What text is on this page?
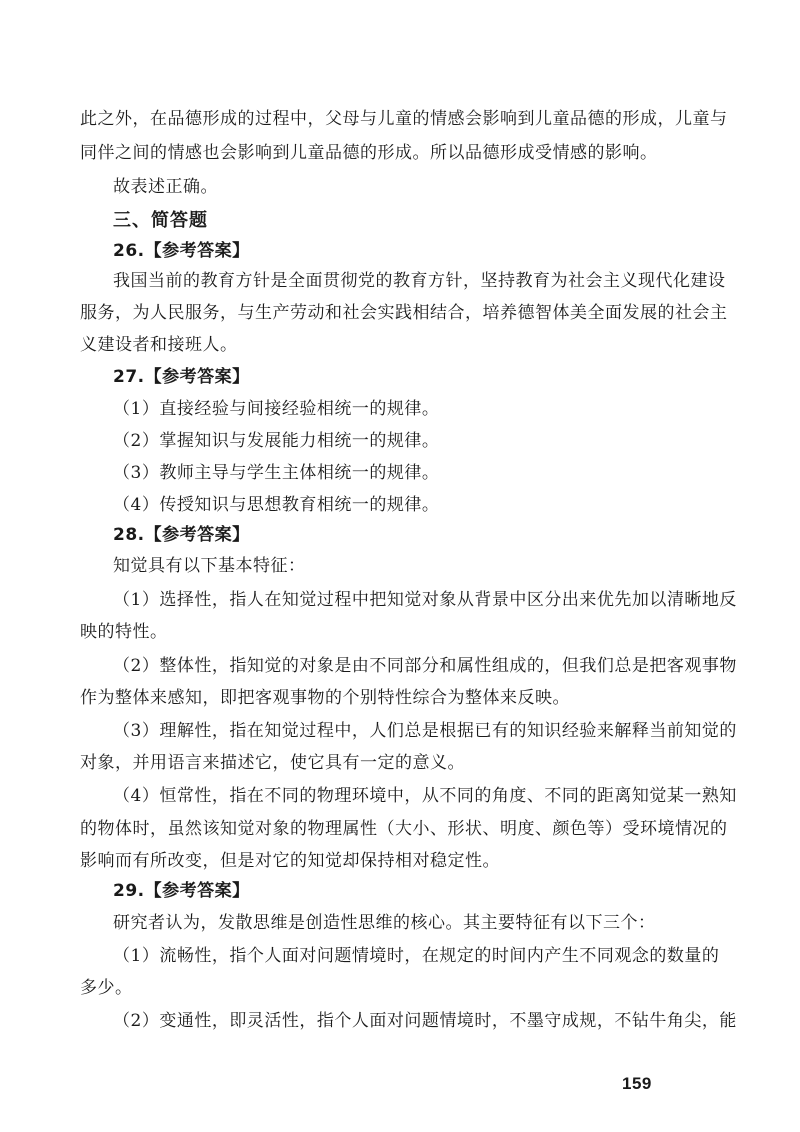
此之外，在品德形成的过程中，父母与儿童的情感会影响到儿童品德的形成，儿童与
同伴之间的情感也会影响到儿童品德的形成。所以品德形成受情感的影响。
故表述正确。
三、简答题
26.【参考答案】
我国当前的教育方针是全面贯彻党的教育方针，坚持教育为社会主义现代化建设
服务，为人民服务，与生产劳动和社会实践相结合，培养德智体美全面发展的社会主
义建设者和接班人。
27.【参考答案】
（1）直接经验与间接经验相统一的规律。
（2）掌握知识与发展能力相统一的规律。
（3）教师主导与学生主体相统一的规律。
（4）传授知识与思想教育相统一的规律。
28.【参考答案】
知觉具有以下基本特征：
（1）选择性，指人在知觉过程中把知觉对象从背景中区分出来优先加以清晰地反
映的特性。
（2）整体性，指知觉的对象是由不同部分和属性组成的，但我们总是把客观事物
作为整体来感知，即把客观事物的个别特性综合为整体来反映。
（3）理解性，指在知觉过程中，人们总是根据已有的知识经验来解释当前知觉的
对象，并用语言来描述它，使它具有一定的意义。
（4）恒常性，指在不同的物理环境中，从不同的角度、不同的距离知觉某一熟知
的物体时，虽然该知觉对象的物理属性（大小、形状、明度、颜色等）受环境情况的
影响而有所改变，但是对它的知觉却保持相对稳定性。
29.【参考答案】
研究者认为，发散思维是创造性思维的核心。其主要特征有以下三个：
（1）流畅性，指个人面对问题情境时，在规定的时间内产生不同观念的数量的
多少。
（2）变通性，即灵活性，指个人面对问题情境时，不墨守成规，不钻牛角尖，能
159
